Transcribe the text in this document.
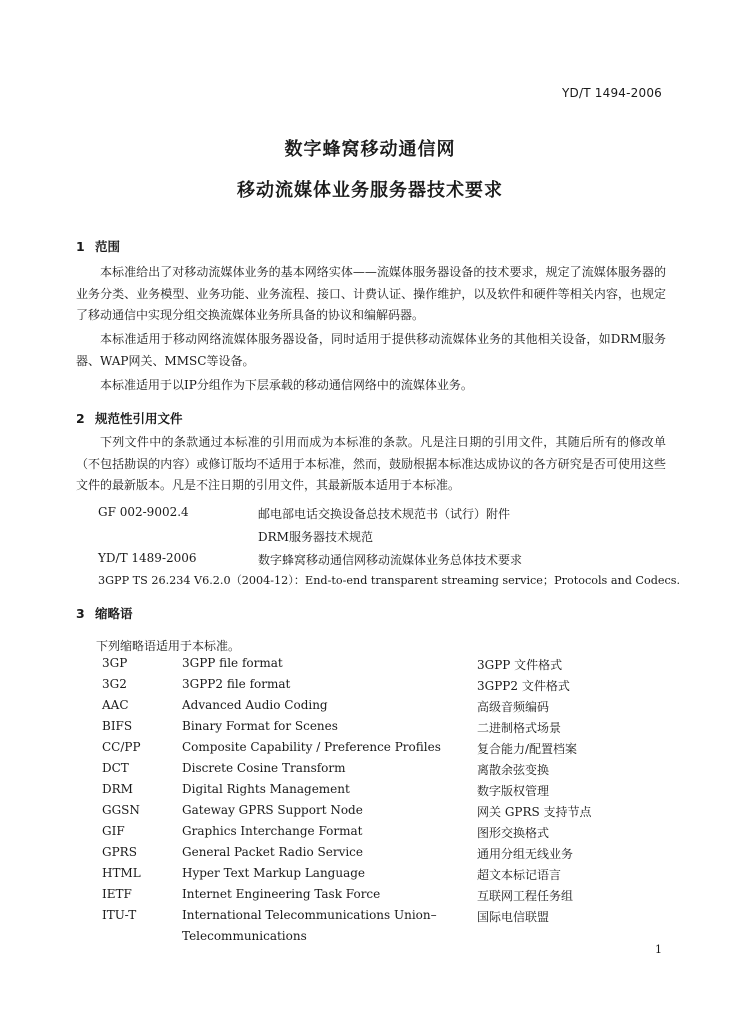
YD/T 1494-2006
数字蜂窝移动通信网
移动流媒体业务服务器技术要求
1 范围

本标准给出了对移动流媒体业务的基本网络实体——流媒体服务器设备的技术要求，规定了流媒体服务器的业务分类、业务模型、业务功能、业务流程、接口、计费认证、操作维护，以及软件和硬件等相关内容，也规定了移动通信中实现分组交换流媒体业务所具备的协议和编解码器。

本标准适用于移动网络流媒体服务器设备，同时适用于提供移动流媒体业务的其他相关设备，如DRM服务器、WAP网关、MMSC等设备。

本标准适用于以IP分组作为下层承载的移动通信网络中的流媒体业务。

2 规范性引用文件

下列文件中的条款通过本标准的引用而成为本标准的条款。凡是注日期的引用文件，其随后所有的修改单（不包括勘误的内容）或修订版均不适用于本标准，然而，鼓励根据本标准达成协议的各方研究是否可使用这些文件的最新版本。凡是不注日期的引用文件，其最新版本适用于本标准。

GF 002-9002.4	邮电部电话交换设备总技术规范书（试行）附件
DRM服务器技术规范
YD/T 1489-2006	数字蜂窝移动通信网移动流媒体业务总体技术要求
3GPP TS 26.234 V6.2.0（2004-12）：End-to-end transparent streaming service；Protocols and Codecs.
3 缩略语
下列缩略语适用于本标准。
3GP	3GPP file format	3GPP 文件格式
3G2	3GPP2 file format	3GPP2 文件格式
AAC	Advanced Audio Coding	高级音频编码
BIFS	Binary Format for Scenes	二进制格式场景
CC/PP	Composite Capability / Preference Profiles	复合能力/配置档案
DCT	Discrete Cosine Transform	离散余弦变换
DRM	Digital Rights Management	数字版权管理
GGSN	Gateway GPRS Support Node	网关 GPRS 支持节点
GIF	Graphics Interchange Format	图形交换格式
GPRS	General Packet Radio Service	通用分组无线业务
HTML	Hyper Text Markup Language	超文本标记语言
IETF	Internet Engineering Task Force	互联网工程任务组
ITU-T	International Telecommunications Union–	国际电信联盟
Telecommunications
1
